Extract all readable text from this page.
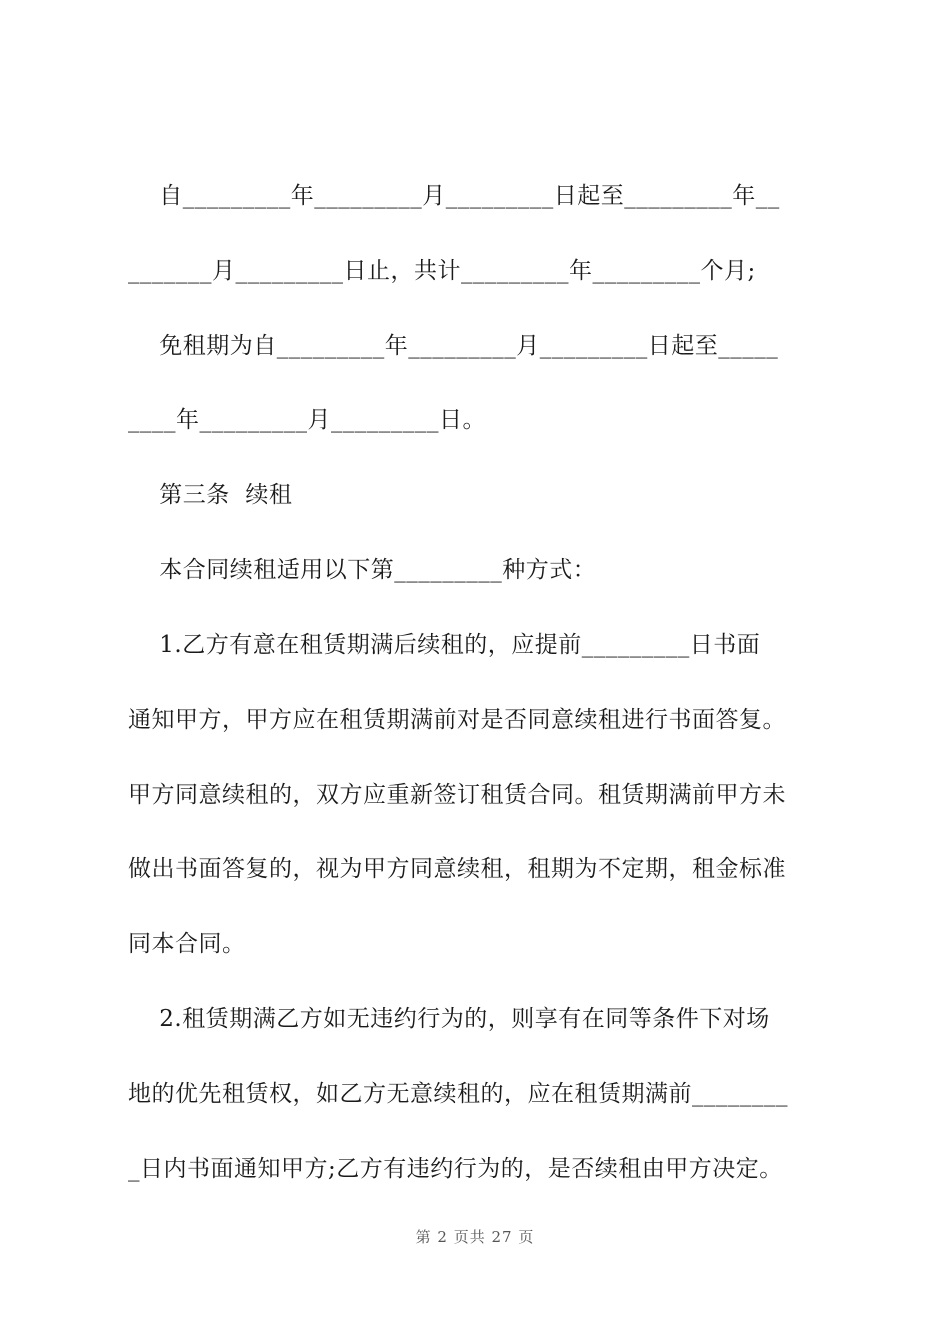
自_________年_________月_________日起至_________年__
_______月_________日止，共计_________年_________个月;
免租期为自_________年_________月_________日起至_____
____年_________月_________日。
第三条  续租
本合同续租适用以下第_________种方式：
1.乙方有意在租赁期满后续租的，应提前_________日书面
通知甲方，甲方应在租赁期满前对是否同意续租进行书面答复。
甲方同意续租的，双方应重新签订租赁合同。租赁期满前甲方未
做出书面答复的，视为甲方同意续租，租期为不定期，租金标准
同本合同。
2.租赁期满乙方如无违约行为的，则享有在同等条件下对场
地的优先租赁权，如乙方无意续租的，应在租赁期满前________
_日内书面通知甲方;乙方有违约行为的，是否续租由甲方决定。
第 2 页共 27 页
